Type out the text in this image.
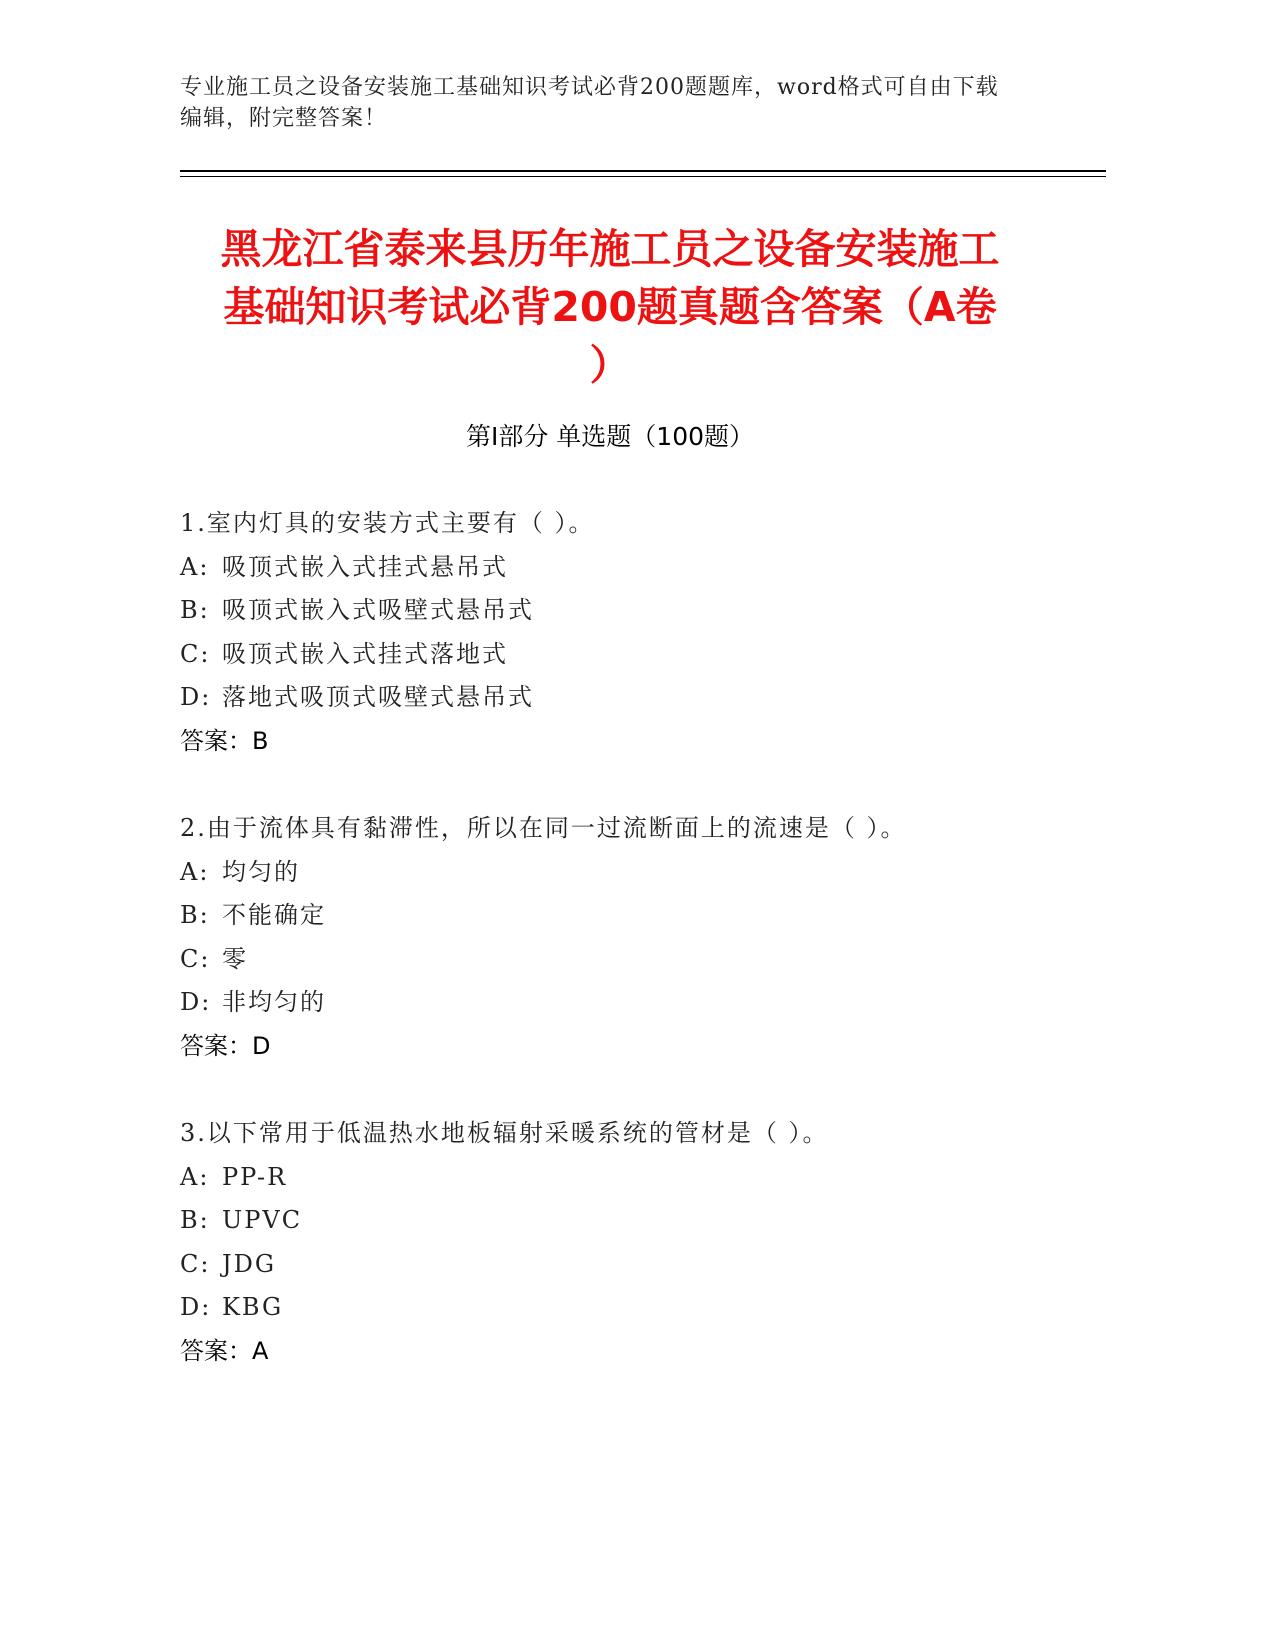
专业施工员之设备安装施工基础知识考试必背200题题库，word格式可自由下载
编辑，附完整答案！
黑龙江省泰来县历年施工员之设备安装施工
基础知识考试必背200题真题含答案（A卷
）
第I部分 单选题（100题）
1.室内灯具的安装方式主要有（ ）。
A: 吸顶式嵌入式挂式悬吊式
B: 吸顶式嵌入式吸壁式悬吊式
C: 吸顶式嵌入式挂式落地式
D: 落地式吸顶式吸壁式悬吊式
答案：B
2.由于流体具有黏滞性，所以在同一过流断面上的流速是（ ）。
A: 均匀的
B: 不能确定
C: 零
D: 非均匀的
答案：D
3.以下常用于低温热水地板辐射采暖系统的管材是（ ）。
A: PP-R
B: UPVC
C: JDG
D: KBG
答案：A
